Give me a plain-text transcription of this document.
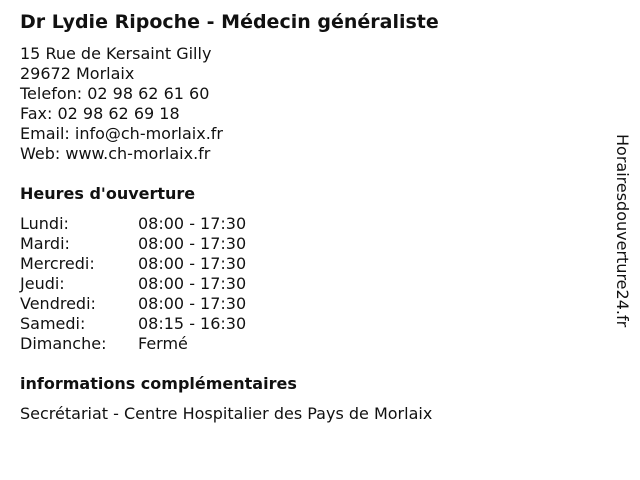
Dr Lydie Ripoche - Médecin généraliste
15 Rue de Kersaint Gilly
29672 Morlaix
Telefon: 02 98 62 61 60
Fax: 02 98 62 69 18
Email: info@ch-morlaix.fr
Web: www.ch-morlaix.fr
Heures d'ouverture
Lundi:	08:00 - 17:30
Mardi:	08:00 - 17:30
Mercredi:	08:00 - 17:30
Jeudi:	08:00 - 17:30
Vendredi:	08:00 - 17:30
Samedi:	08:15 - 16:30
Dimanche: Fermé
informations complémentaires
Secrétariat - Centre Hospitalier des Pays de Morlaix
Horairesdouverture24.fr
